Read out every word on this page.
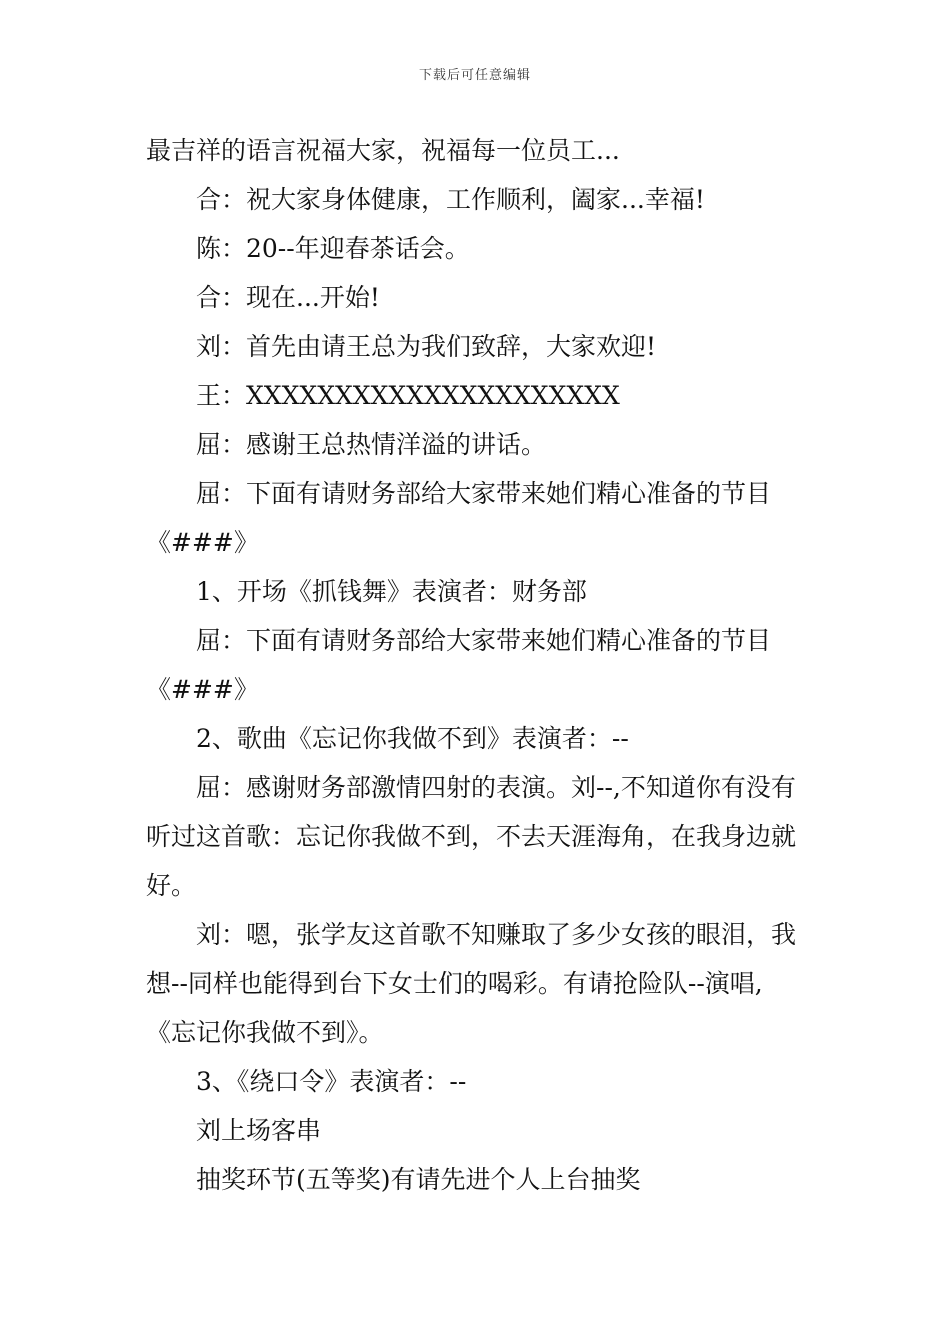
下载后可任意编辑

最吉祥的语言祝福大家，祝福每一位员工...

合：祝大家身体健康，工作顺利，阖家...幸福!

陈：20--年迎春茶话会。

合：现在...开始!

刘：首先由请王总为我们致辞，大家欢迎!

王：XXXXXXXXXXXXXXXXXXXXX

屈：感谢王总热情洋溢的讲话。

屈：下面有请财务部给大家带来她们精心准备的节目《###》

1、开场《抓钱舞》表演者：财务部

屈：下面有请财务部给大家带来她们精心准备的节目《###》

2、歌曲《忘记你我做不到》表演者：--

屈：感谢财务部激情四射的表演。刘--,不知道你有没有听过这首歌：忘记你我做不到，不去天涯海角，在我身边就好。

刘：嗯，张学友这首歌不知赚取了多少女孩的眼泪，我想--同样也能得到台下女士们的喝彩。有请抢险队--演唱,《忘记你我做不到》。

3、《绕口令》表演者：--

刘上场客串

抽奖环节(五等奖)有请先进个人上台抽奖
